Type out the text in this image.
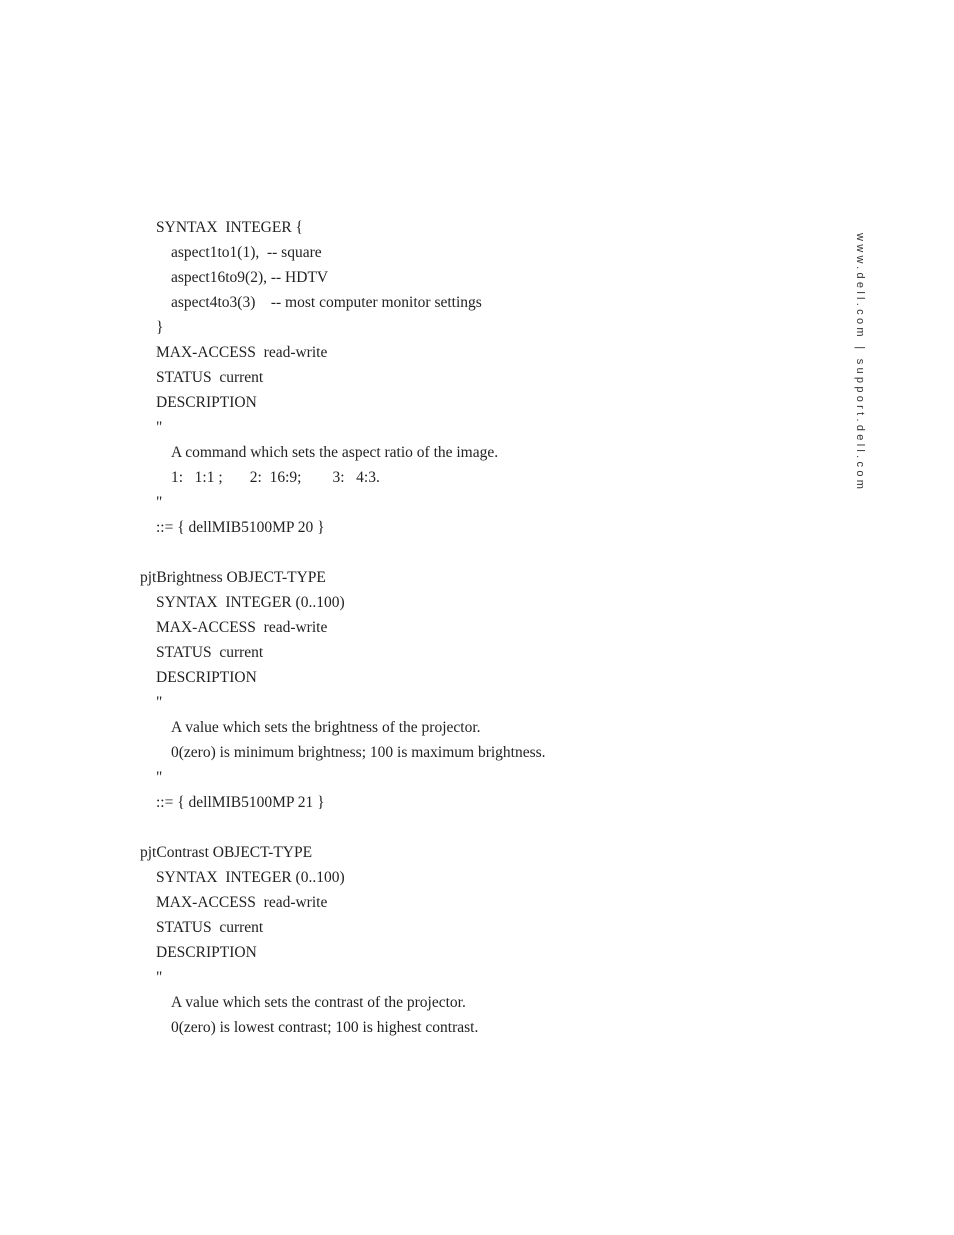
SYNTAX  INTEGER {
aspect1to1(1),  -- square
aspect16to9(2), -- HDTV
aspect4to3(3)    -- most computer monitor settings
}
MAX-ACCESS  read-write
STATUS  current
DESCRIPTION
"
A command which sets the aspect ratio of the image.
1:   1:1 ;       2:  16:9;        3:   4:3.
"
::= { dellMIB5100MP 20 }
pjtBrightness OBJECT-TYPE
SYNTAX  INTEGER (0..100)
MAX-ACCESS  read-write
STATUS  current
DESCRIPTION
"
A value which sets the brightness of the projector.
0(zero) is minimum brightness; 100 is maximum brightness.
"
::= { dellMIB5100MP 21 }
pjtContrast OBJECT-TYPE
SYNTAX  INTEGER (0..100)
MAX-ACCESS  read-write
STATUS  current
DESCRIPTION
"
A value which sets the contrast of the projector.
0(zero) is lowest contrast; 100 is highest contrast.
www.dell.com | support.dell.com
